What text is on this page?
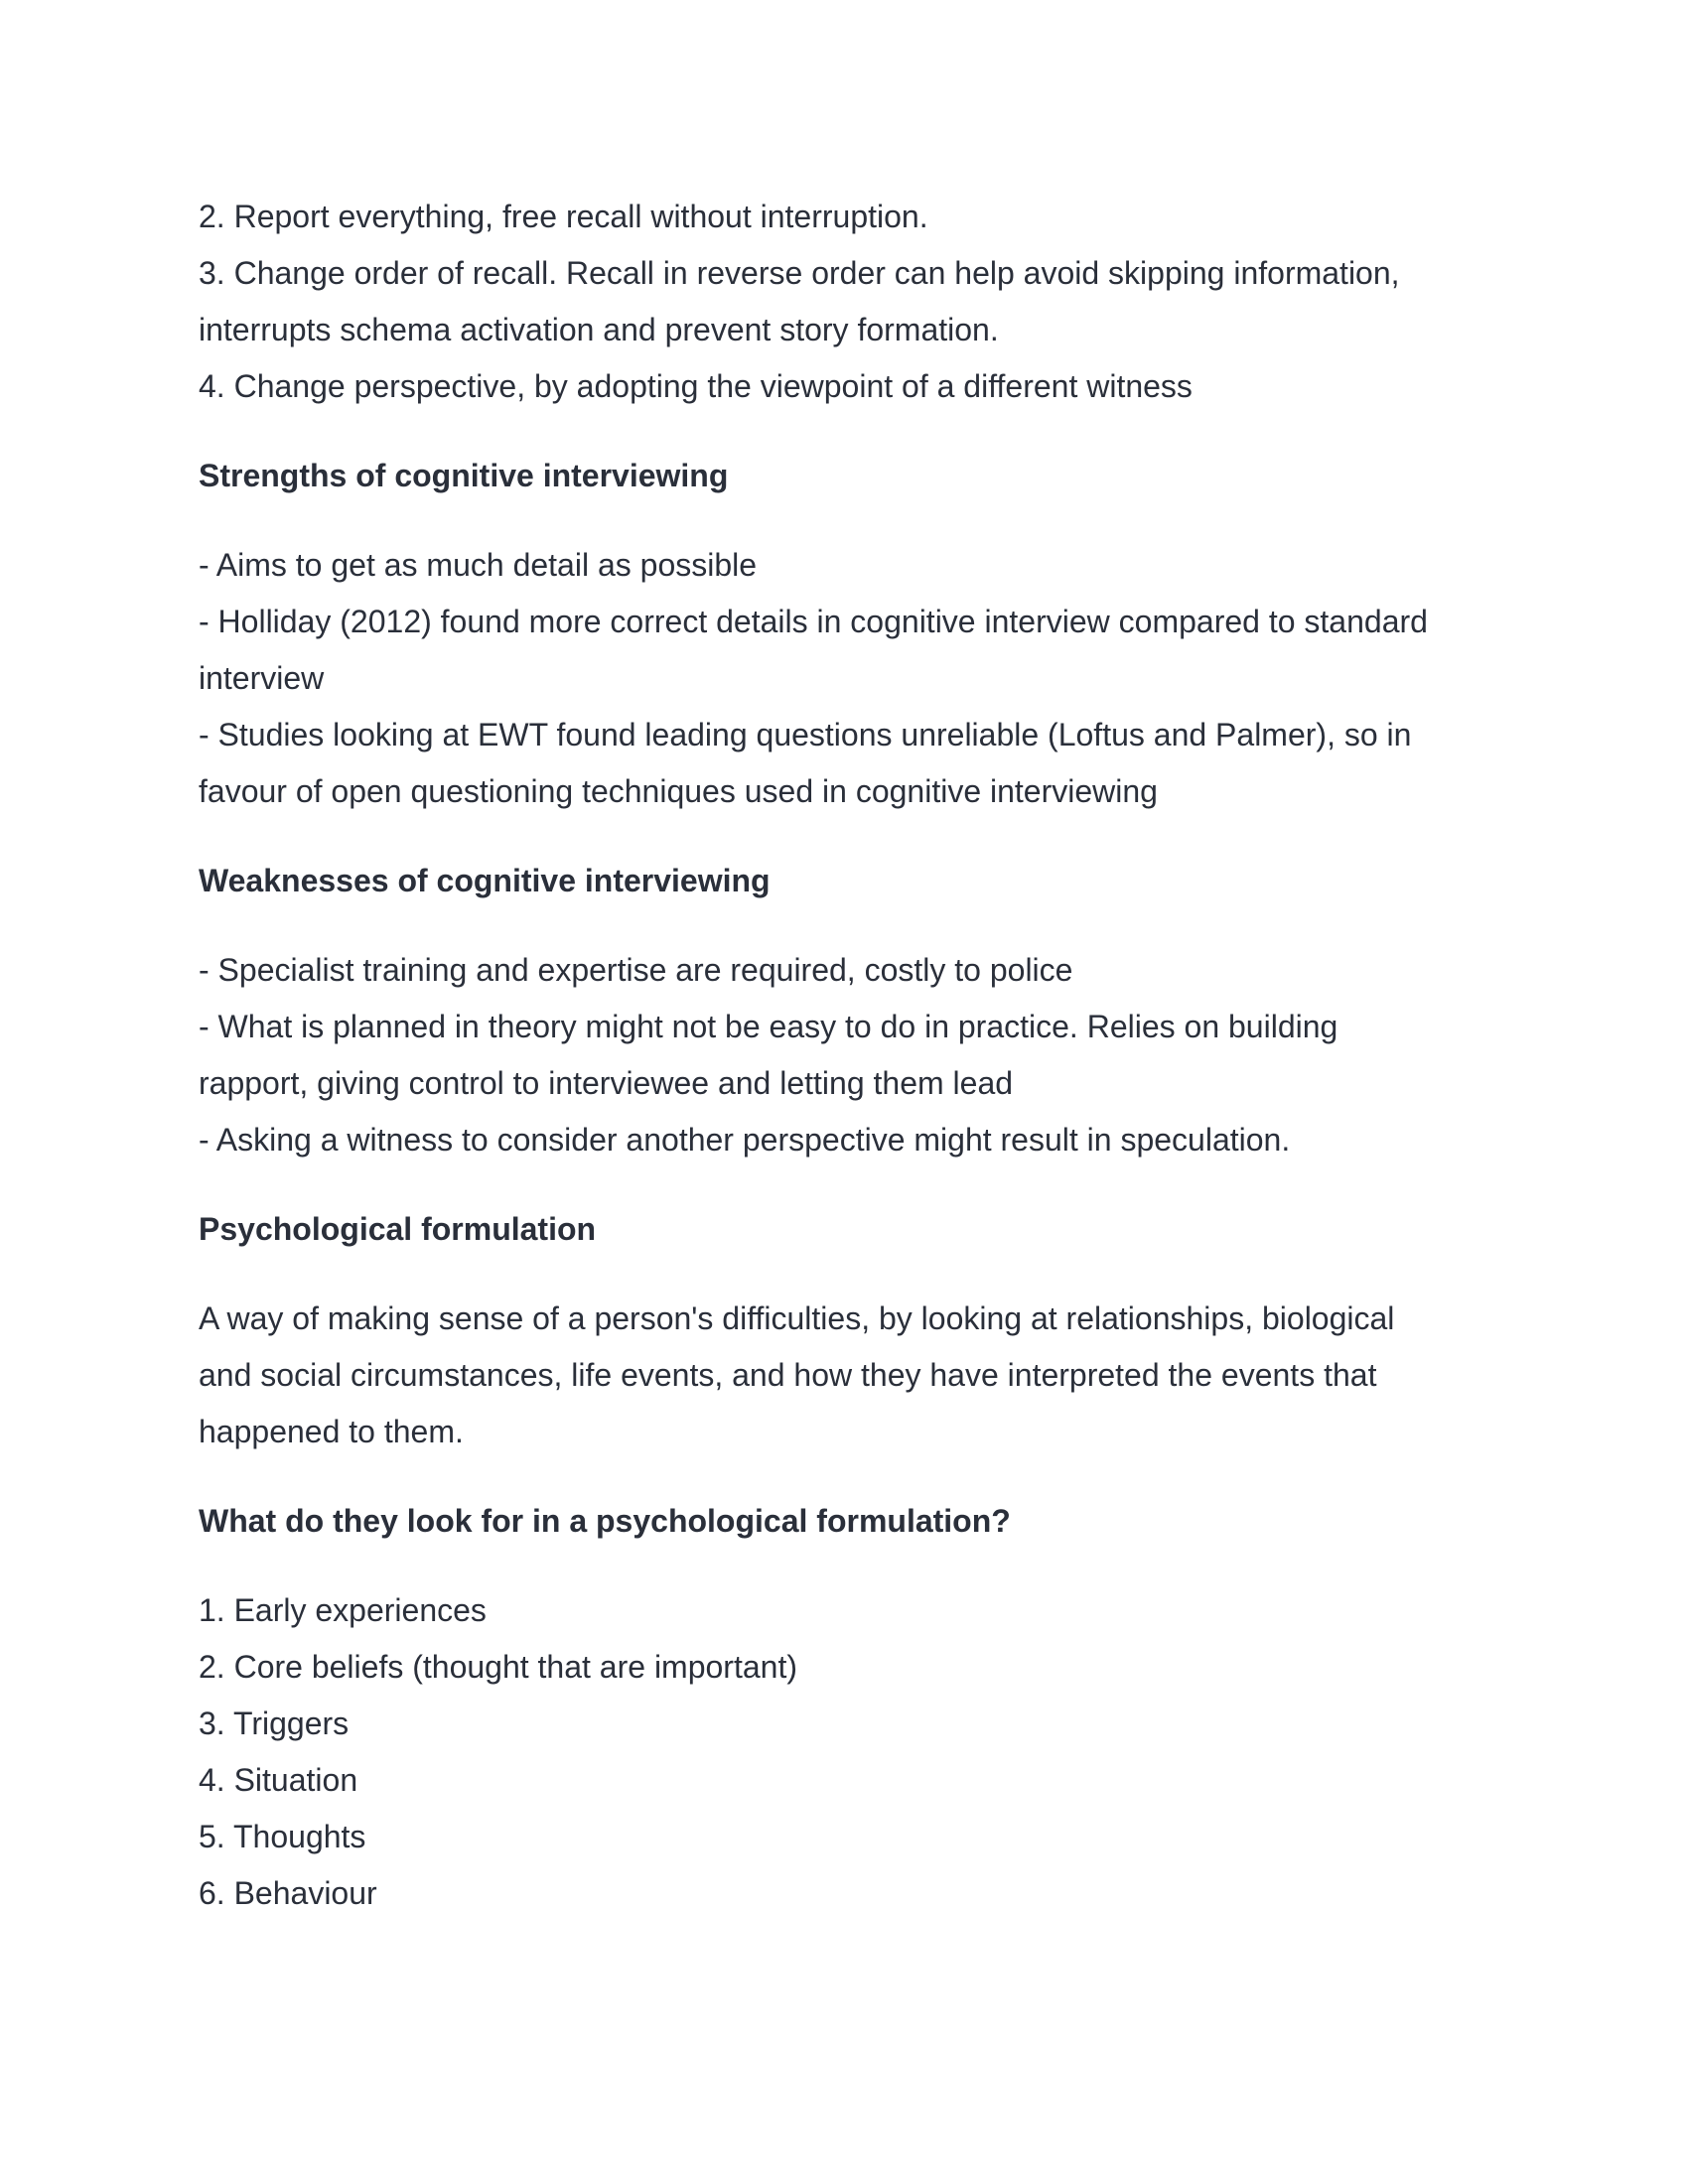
2. Report everything, free recall without interruption.

3. Change order of recall. Recall in reverse order can help avoid skipping information,

interrupts schema activation and prevent story formation.

4. Change perspective, by adopting the viewpoint of a different witness

Strengths of cognitive interviewing

- Aims to get as much detail as possible

- Holliday (2012) found more correct details in cognitive interview compared to standard

interview

- Studies looking at EWT found leading questions unreliable (Loftus and Palmer), so in

favour of open questioning techniques used in cognitive interviewing

Weaknesses of cognitive interviewing

- Specialist training and expertise are required, costly to police

- What is planned in theory might not be easy to do in practice. Relies on building

rapport, giving control to interviewee and letting them lead

- Asking a witness to consider another perspective might result in speculation.

Psychological formulation

A way of making sense of a person's difficulties, by looking at relationships, biological

and social circumstances, life events, and how they have interpreted the events that

happened to them.

What do they look for in a psychological formulation?

1. Early experiences

2. Core beliefs (thought that are important)

3. Triggers

4. Situation

5. Thoughts

6. Behaviour
